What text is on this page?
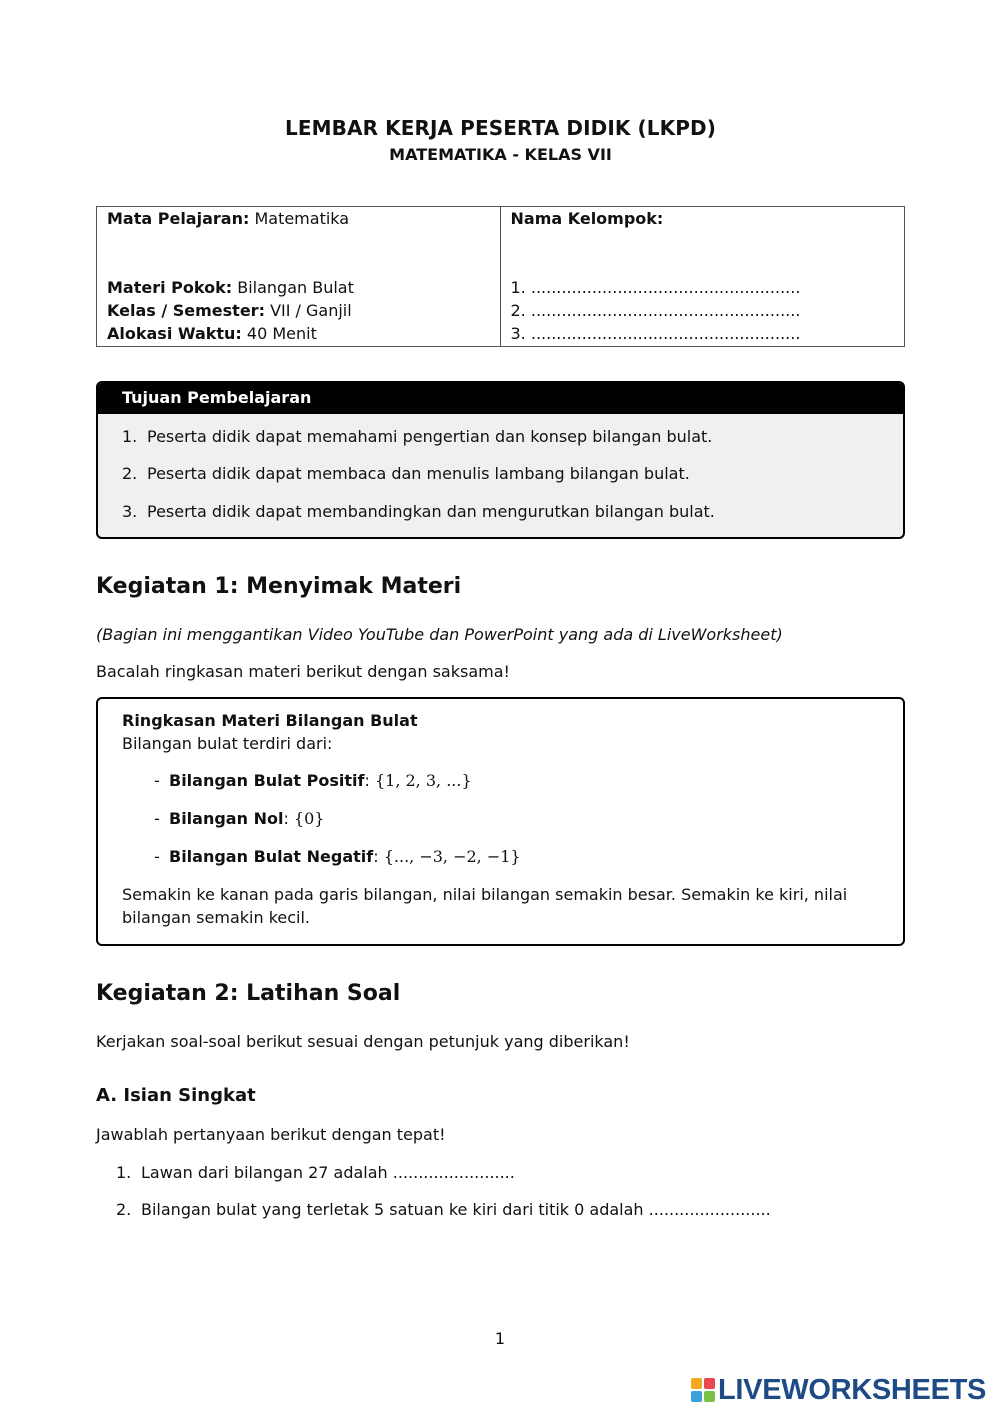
LEMBAR KERJA PESERTA DIDIK (LKPD)
MATEMATIKA - KELAS VII
Mata Pelajaran: Matematika
Materi Pokok: Bilangan Bulat
Kelas / Semester: VII / Ganjil
Alokasi Waktu: 40 Menit
Nama Kelompok:
1. .....................................................
2. .....................................................
3. .....................................................
Tujuan Pembelajaran
1. Peserta didik dapat memahami pengertian dan konsep bilangan bulat.
2. Peserta didik dapat membaca dan menulis lambang bilangan bulat.
3. Peserta didik dapat membandingkan dan mengurutkan bilangan bulat.
Kegiatan 1: Menyimak Materi

(Bagian ini menggantikan Video YouTube dan PowerPoint yang ada di LiveWorksheet)

Bacalah ringkasan materi berikut dengan saksama!

Ringkasan Materi Bilangan Bulat
Bilangan bulat terdiri dari:
- Bilangan Bulat Positif: {1, 2, 3, ...}
- Bilangan Nol: {0}
- Bilangan Bulat Negatif: {..., −3, −2, −1}
Semakin ke kanan pada garis bilangan, nilai bilangan semakin besar. Semakin ke kiri, nilai
bilangan semakin kecil.
Kegiatan 2: Latihan Soal

Kerjakan soal-soal berikut sesuai dengan petunjuk yang diberikan!

A. Isian Singkat

Jawablah pertanyaan berikut dengan tepat!

1. Lawan dari bilangan 27 adalah ........................
2. Bilangan bulat yang terletak 5 satuan ke kiri dari titik 0 adalah ........................
1
LIVEWORKSHEETS
